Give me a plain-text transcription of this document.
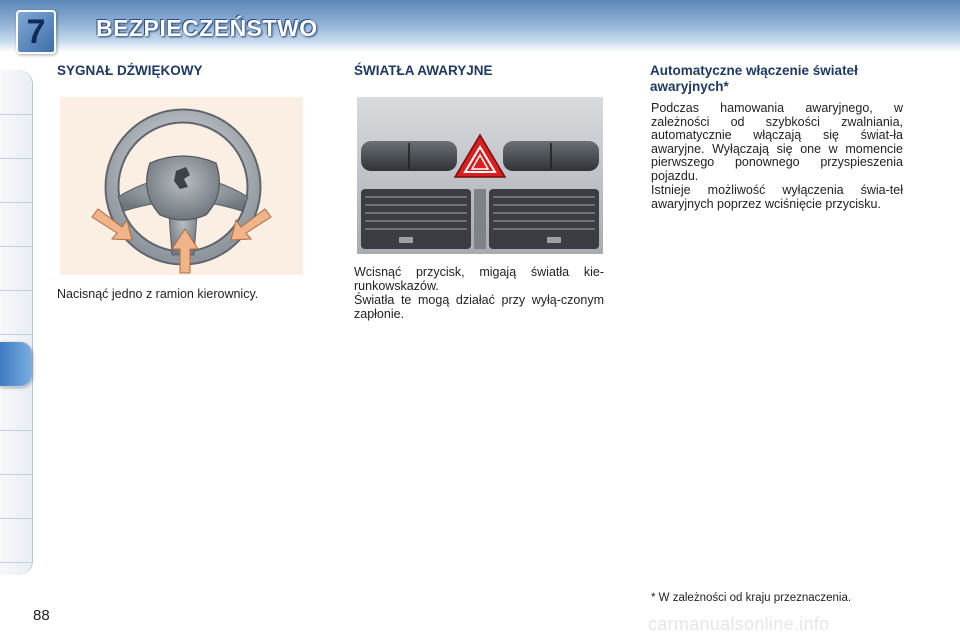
7	BEZPIECZEŃSTWO
SYGNAŁ DŹWIĘKOWY

Nacisnąć jedno z ramion kierownicy.

ŚWIATŁA AWARYJNE

Wcisnąć przycisk, migają światła kie-runkowskazów.

Światła te mogą działać przy wyłą-czonym zapłonie.

Automatyczne włączenie świateł awaryjnych*

Podczas hamowania awaryjnego, w zależności od szybkości zwalniania, automatycznie włączają się świat-ła awaryjne. Wyłączają się one w momencie pierwszego ponownego przyspieszenia pojazdu.

Istnieje możliwość wyłączenia świa-teł awaryjnych poprzez wciśnięcie przycisku.

* W zależności od kraju przeznaczenia.
88	carmanualsonline.info
